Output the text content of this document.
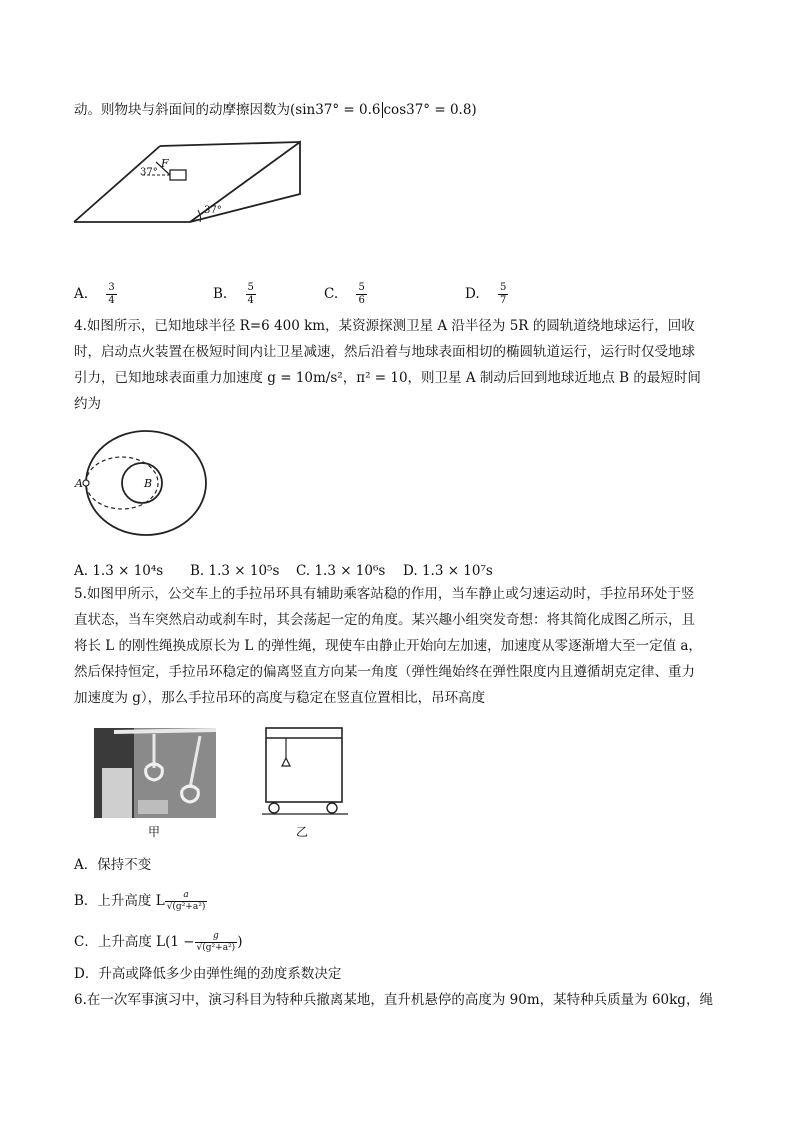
动。则物块与斜面间的动摩擦因数为(sin37° = 0.6 cos37° = 0.8)
F
37°
37°
A. $\frac{3}{4}$	B. $\frac{5}{4}$	C. $\frac{5}{6}$	D. $\frac{5}{7}$
4.如图所示，已知地球半径 R=6 400 km，某资源探测卫星 A 沿半径为 5R 的圆轨道绕地球运行，回收
时，启动点火装置在极短时间内让卫星减速，然后沿着与地球表面相切的椭圆轨道运行，运行时仅受地球
引力，已知地球表面重力加速度 g = 10m/s²，π² = 10，则卫星 A 制动后回到地球近地点 B 的最短时间
约为
A	B
A. 1.3 × 10⁴s B. 1.3 × 10⁵s C. 1.3 × 10⁶s D. 1.3 × 10⁷s
5.如图甲所示，公交车上的手拉吊环具有辅助乘客站稳的作用，当车静止或匀速运动时，手拉吊环处于竖
直状态，当车突然启动或刹车时，其会荡起一定的角度。某兴趣小组突发奇想：将其简化成图乙所示，且
将长 L 的刚性绳换成原长为 L 的弹性绳，现使车由静止开始向左加速，加速度从零逐渐增大至一定值 a，
然后保持恒定，手拉吊环稳定的偏离竖直方向某一角度（弹性绳始终在弹性限度内且遵循胡克定律、重力
加速度为 g），那么手拉吊环的高度与稳定在竖直位置相比，吊环高度
甲	乙
A．保持不变
B．上升高度 L $\frac{a}{\text{√(g²+a²)}}$
C．上升高度 $L(1 - \frac{g}{\text{√(g²+a²)}}$ )
D．升高或降低多少由弹性绳的劲度系数决定
6.在一次军事演习中，演习科目为特种兵撤离某地，直升机悬停的高度为 90m，某特种兵质量为 60kg，绳
